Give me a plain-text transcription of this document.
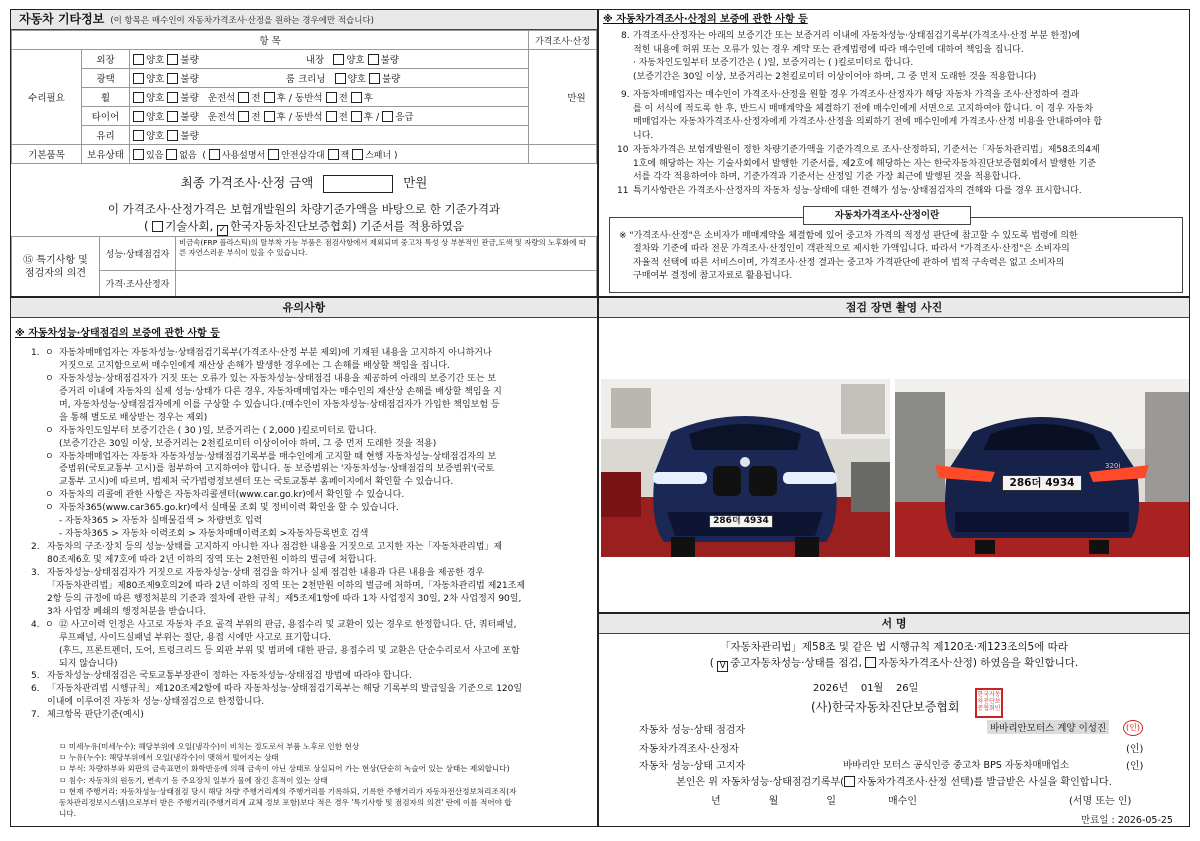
자동차 기타정보 (이 항목은 매수인이 자동차가격조사·산정을 원하는 경우에만 적습니다)
항 목			가격조사·산정
수리필요	외장	양호 불량 내장 양호 불량	만원
	광택	양호 불량 룸 크리닝 양호 불량	
	휠	양호 불량 운전석 전 후 / 동반석 전 후	
	타이어	양호 불량 운전석 전 후 / 동반석 전 후 / 응급	
	유리	양호 불량	
기본품목	보유상태	있음 없음 ( 사용설명서 안전삼각대 잭 스패너 )	
최종 가격조사·산정 금액	만원
이 가격조사·산정가격은 보험개발원의 차량기준가액을 바탕으로 한 기준가격과
( 기술사회, ✓ 한국자동차진단보증협회) 기준서를 적용하였음
⑮ 특기사항 및
점검자의 의견	성능·상태점검자	비금속(FRP 플라스틱)의 탈부착 가능 부품은 점검사항에서 제외되며 중고차 특성 상 부분적인 판금,도색 및 자량의 노후화에 따른 자연스러운 부식이 있을 수 있습니다.
	가격·조사산정자	
※ 자동차가격조사·산정의 보증에 관한 사항 등
8. 가격조사·산정자는 아래의 보증기간 또는 보증거리 이내에 자동차성능·상태점검기록부(가격조사·산정 부분 한정)에
적힌 내용에 허위 또는 오류가 있는 경우 계약 또는 관계법령에 따라 매수인에 대하여 책임을 집니다.
· 자동차인도일부터 보증기간은 ( )일, 보증거리는 ( )킬로미터로 합니다.
(보증기간은 30일 이상, 보증거리는 2천킬로미터 이상이어야 하며, 그 중 먼저 도래한 것을 적용합니다)
9. 자동차매매업자는 매수인이 가격조사·산정을 원할 경우 가격조사·산정자가 해당 자동차 가격을 조사·산정하여 결과
를 이 서식에 적도록 한 후, 반드시 매매계약을 체결하기 전에 매수인에게 서면으로 고지하여야 합니다. 이 경우 자동차
매매업자는 자동차가격조사·산정자에게 가격조사·산정을 의뢰하기 전에 매수인에게 가격조사·산정 비용을 안내하여야 합
니다.
10 자동차가격은 보험개발원이 정한 차량기준가액을 기준가격으로 조사·산정하되, 기준서는「자동차관리법」제58조의4제
1호에 해당하는 자는 기술사회에서 발행한 기준서를, 제2호에 해당하는 자는 한국자동차진단보증협회에서 발행한 기준
서를 각각 적용하여야 하며, 기준가격과 기준서는 산정일 기준 가장 최근에 발행된 것을 적용합니다.
11 특기사항란은 가격조사·산정자의 자동차 성능·상태에 대한 견해가 성능·상태점검자의 견해와 다를 경우 표시합니다.
자동차가격조사·산정이란
※ "가격조사·산정"은 소비자가 매매계약을 체결함에 있어 중고차 가격의 적정성 판단에 참고할 수 있도록 법령에 의한
절차와 기준에 따라 전문 가격조사·산정인이 객관적으로 제시한 가액입니다. 따라서 "가격조사·산정"은 소비자의
자율적 선택에 따른 서비스이며, 가격조사·산정 결과는 중고차 가격판단에 관하여 법적 구속력은 없고 소비자의
구매여부 결정에 참고자료로 활용됩니다.
유의사항
※ 자동차성능·상태점검의 보증에 관한 사항 등
1. ㅇ 자동차매매업자는 자동차성능·상태점검기록부(가격조사·산정 부분 제외)에 기재된 내용을 고지하지 아니하거나
거짓으로 고지함으로써 매수인에게 재산상 손해가 발생한 경우에는 그 손해를 배상할 책임을 집니다.
ㅇ 자동차성능·상태점검자가 거짓 또는 오류가 있는 자동차성능·상태점검 내용을 제공하여 아래의 보증기간 또는 보
증거리 이내에 자동차의 실제 성능·상태가 다른 경우, 자동차매매업자는 매수인의 재산상 손해를 배상할 책임을 지
며, 자동차성능·상태점검자에게 이를 구상할 수 있습니다.(매수인이 자동차성능·상태점검자가 가입한 책임보험 등
을 통해 별도로 배상받는 경우는 제외)
ㅇ 자동차인도일부터 보증기간은 ( 30 )일, 보증거리는 ( 2,000 )킬로미터로 합니다.
(보증기간은 30일 이상, 보증거리는 2천킬로미터 이상이어야 하며, 그 중 먼저 도래한 것을 적용)
ㅇ 자동차매매업자는 자동차 자동차성능·상태점검기록부를 매수인에게 고지할 때 현행 자동차성능·상태점검자의 보
증범위(국토교통부 고시)를 첨부하여 고지하여야 합니다. 동 보증범위는 '자동차성능·상태점검의 보증범위'(국토
교통부 고시)에 따르며, 법제처 국가법령정보센터 또는 국토교통부 홈페이지에서 확인할 수 있습니다.
ㅇ 자동차의 리콜에 관한 사항은 자동차리콜센터(www.car.go.kr)에서 확인할 수 있습니다.
ㅇ 자동차365(www.car365.go.kr)에서 실매물 조회 및 정비이력 확인을 할 수 있습니다.
- 자동차365 > 자동차 실매물검색 > 차량번호 입력
- 자동차365 > 자동차 이력조회 > 자동차매매이력조회 >자동차등록번호 검색
2. 자동차의 구조·장치 등의 성능·상태를 고지하지 아니한 자나 점검한 내용을 거짓으로 고지한 자는「자동차관리법」제
80조제6호 및 제7호에 따라 2년 이하의 징역 또는 2천만원 이하의 벌금에 처합니다.
3. 자동차성능·상태점검자가 거짓으로 자동차성능·상태 점검을 하거나 실제 점검한 내용과 다른 내용을 제공한 경우
「자동차관리법」제80조제9호의2에 따라 2년 이하의 징역 또는 2천만원 이하의 벌금에 처하며,「자동차관리법 제21조제
2항 등의 규정에 따른 행정처분의 기준과 절차에 관한 규칙」제5조제1항에 따라 1차 사업정지 30일, 2차 사업정지 90일,
3차 사업장 폐쇄의 행정처분을 받습니다.
4. ㅇ ⑫ 사고이력 인정은 사고로 자동차 주요 골격 부위의 판금, 용접수리 및 교환이 있는 경우로 한정합니다. 단, 쿼터패널,
루프패널, 사이드실패널 부위는 절단, 용접 시에만 사고로 표기합니다.
(후드, 프론트펜더, 도어, 트렁크리드 등 외판 부위 및 범퍼에 대한 판금, 용접수리 및 교환은 단순수리로서 사고에 포함
되지 않습니다)
5. 자동차성능·상태점검은 국토교통부장관이 정하는 자동차성능·상태점검 방법에 따라야 합니다.
6. 「자동차관리법 시행규칙」제120조제2항에 따라 자동차성능·상태점검기록부는 해당 기록부의 발급일을 기준으로 120일
이내에 이루어진 자동차 성능·상태점검으로 한정합니다.
7. 체크항목 판단기준(예시)
ㅁ 미세누유(미세누수): 해당부위에 오일(냉각수)이 비치는 정도로서 부품 노후로 인한 현상
ㅁ 누유(누수): 해당부위에서 오일(냉각수)이 맺혀서 떨어지는 상태
ㅁ 부식: 차량하부와 외판의 금속표면이 화학반응에 의해 금속이 아닌 상태로 상실되어 가는 현상(단순히 녹슬어 있는 상태는 제외합니다)
ㅁ 침수: 자동차의 원동기, 변속기 등 주요장치 일부가 물에 잠긴 흔적이 있는 상태
ㅁ 현재 주행거리: 자동차성능·상태점검 당시 해당 차량 주행거리계의 주행거리를 기록하되, 기록한 주행거리가 자동차전산정보처리조직(자
동차관리정보시스템)으로부터 받은 주행거리(주행거리계 교체 정보 포함)보다 적은 경우 '특기사항 및 점검자의 의견' 란에 이를 적어야 합
니다.
점검 장면 촬영 사진
286더 4934
320i
286더 4934
서 명
「자동차관리법」제58조 및 같은 법 시행규칙 제120조·제123조의5에 따라
( V 중고자동차성능·상태를 점검, 자동차가격조사·산정) 하였음을 확인합니다.
2026년 01월 26일
(사)한국자동차진단보증협회
한국자동차진단보증협회인
자동차 성능·상태 점검자	바바리안모터스 계양 이성진	(인)
자동차가격조사·산정자	(인)
자동차 성능·상태 고지자	바바리안 모터스 공식인증 중고차 BPS 자동차매매업소	(인)
본인은 위 자동차성능·상태점검기록부( 자동차가격조사·산정 선택)를 발급받은 사실을 확인합니다.
년	월	일	매수인	(서명 또는 인)
만료일 : 2026-05-25
